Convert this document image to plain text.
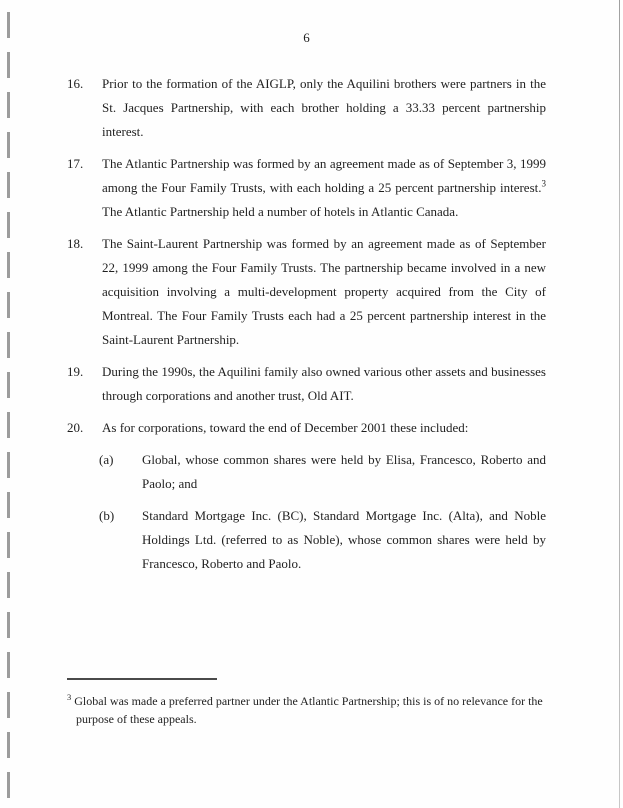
6
16.	Prior to the formation of the AIGLP, only the Aquilini brothers were partners in the St. Jacques Partnership, with each brother holding a 33.33 percent partnership interest.
17.	The Atlantic Partnership was formed by an agreement made as of September 3, 1999 among the Four Family Trusts, with each holding a 25 percent partnership interest.$^3$ The Atlantic Partnership held a number of hotels in Atlantic Canada.
18.	The Saint-Laurent Partnership was formed by an agreement made as of September 22, 1999 among the Four Family Trusts. The partnership became involved in a new acquisition involving a multi-development property acquired from the City of Montreal. The Four Family Trusts each had a 25 percent partnership interest in the Saint-Laurent Partnership.
19.	During the 1990s, the Aquilini family also owned various other assets and businesses through corporations and another trust, Old AIT.
20.	As for corporations, toward the end of December 2001 these included:
(a)	Global, whose common shares were held by Elisa, Francesco, Roberto and Paolo; and
(b)	Standard Mortgage Inc. (BC), Standard Mortgage Inc. (Alta), and Noble Holdings Ltd. (referred to as Noble), whose common shares were held by Francesco, Roberto and Paolo.
$^3$ Global was made a preferred partner under the Atlantic Partnership; this is of no relevance for the purpose of these appeals.
